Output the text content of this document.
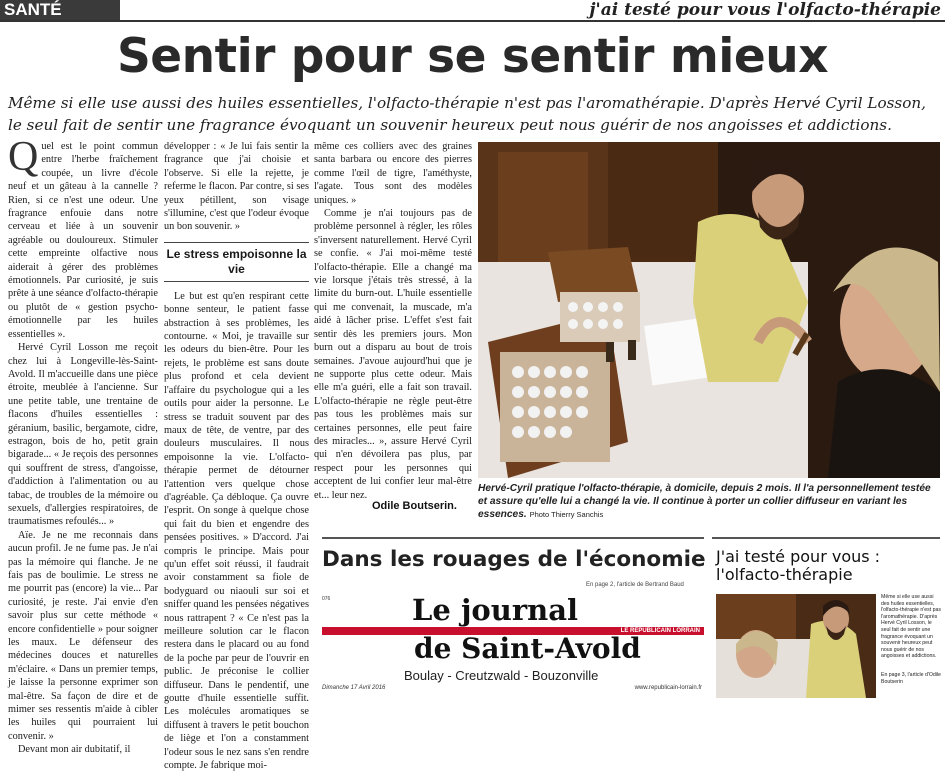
SANTÉ	j'ai testé pour vous l'olfacto-thérapie
Sentir pour se sentir mieux

Même si elle use aussi des huiles essentielles, l'olfacto-thérapie n'est pas l'aromathérapie. D'après Hervé Cyril Losson, le seul fait de sentir une fragrance évoquant un souvenir heureux peut nous guérir de nos angoisses et addictions.

Quel est le point commun entre l'herbe fraîchement coupée, un livre d'école neuf et un gâteau à la cannelle ? Rien, si ce n'est une odeur. Une fragrance enfouie dans notre cerveau et liée à un souvenir agréable ou douloureux. Stimuler cette empreinte olfactive nous aiderait à gérer des problèmes émotionnels. Par curiosité, je suis prête à une séance d'olfacto-thérapie ou plutôt de « gestion psycho-émotionnelle par les huiles essentielles ».

Hervé Cyril Losson me reçoit chez lui à Longeville-lès-Saint-Avold. Il m'accueille dans une pièce étroite, meublée à l'ancienne. Sur une petite table, une trentaine de flacons d'huiles essentielles : géranium, basilic, bergamote, cidre, estragon, bois de ho, petit grain bigarade... « Je reçois des personnes qui souffrent de stress, d'angoisse, d'addiction à l'alimentation ou au tabac, de troubles de la mémoire ou sexuels, d'allergies respiratoires, de traumatismes refoulés... »

Aïe. Je ne me reconnais dans aucun profil. Je ne fume pas. Je n'ai pas la mémoire qui flanche. Je ne fais pas de boulimie. Le stress ne me pourrit pas (encore) la vie... Par curiosité, je reste. J'ai envie d'en savoir plus sur cette méthode « encore confidentielle » pour soigner les maux. Le défenseur des médecines douces et naturelles m'éclaire. « Dans un premier temps, je laisse la personne exprimer son mal-être. Sa façon de dire et de mimer ses ressentis m'aide à cibler les huiles qui pourraient lui convenir. »

Devant mon air dubitatif, il

développer : « Je lui fais sentir la fragrance que j'ai choisie et l'observe. Si elle la rejette, je referme le flacon. Par contre, si ses yeux pétillent, son visage s'illumine, c'est que l'odeur évoque un bon souvenir. »

Le stress empoisonne la vie

Le but est qu'en respirant cette bonne senteur, le patient fasse abstraction à ses problèmes, les contourne. « Moi, je travaille sur les odeurs du bien-être. Pour les rejets, le problème est sans doute plus profond et cela devient l'affaire du psychologue qui a les outils pour aider la personne. Le stress se traduit souvent par des maux de tête, de ventre, par des douleurs musculaires. Il nous empoisonne la vie. L'olfacto-thérapie permet de détourner l'attention vers quelque chose d'agréable. Ça débloque. Ça ouvre l'esprit. On songe à quelque chose qui fait du bien et engendre des pensées positives. » D'accord. J'ai compris le principe. Mais pour qu'un effet soit réussi, il faudrait avoir constamment sa fiole de bodyguard ou niaouli sur soi et sniffer quand les pensées négatives nous rattrapent ? « Ce n'est pas la meilleure solution car le flacon restera dans le placard ou au fond de la poche par peur de l'ouvrir en public. Je préconise le collier diffuseur. Dans le pendentif, une goutte d'huile essentielle suffit. Les molécules aromatiques se diffusent à travers le petit bouchon de liège et l'on a constamment l'odeur sous le nez sans s'en rendre compte. Je fabrique moi-

même ces colliers avec des graines santa barbara ou encore des pierres comme l'œil de tigre, l'améthyste, l'agate. Tous sont des modèles uniques. »

Comme je n'ai toujours pas de problème personnel à régler, les rôles s'inversent naturellement. Hervé Cyril se confie. « J'ai moi-même testé l'olfacto-thérapie. Elle a changé ma vie lorsque j'étais très stressé, à la limite du burn-out. L'huile essentielle qui me convenait, la muscade, m'a aidé à lâcher prise. L'effet s'est fait sentir dès les premiers jours. Mon burn out a disparu au bout de trois semaines. J'avoue aujourd'hui que je ne supporte plus cette odeur. Mais elle m'a guéri, elle a fait son travail. L'olfacto-thérapie ne règle peut-être pas tous les problèmes mais sur certaines personnes, elle peut faire des miracles... », assure Hervé Cyril qui n'en dévoilera pas plus, par respect pour les personnes qui acceptent de lui confier leur mal-être et... leur nez.

Odile Boutserin.
Hervé-Cyril pratique l'olfacto-thérapie, à domicile, depuis 2 mois. Il l'a personnellement testée et assure qu'elle lui a changé la vie. Il continue à porter un collier diffuseur en variant les essences. Photo Thierry Sanchis
Dans les rouages de l'économie
En page 2, l'article de Bertrand Baud
076	Le journal
LE RÉPUBLICAIN LORRAIN
de Saint-Avold
Boulay - Creutzwald - Bouzonville
Dimanche 17 Avril 2016	www.republicain-lorrain.fr
J'ai testé pour vous : l'olfacto-thérapie
Même si elle use aussi des huiles essentielles, l'olfacto-thérapie n'est pas l'aromathérapie. D'après Hervé Cyril Losson, le seul fait de sentir une fragrance évoquant un souvenir heureux peut nous guérir de nos angoisses et addictions.
En page 3, l'article d'Odile Boutserin
